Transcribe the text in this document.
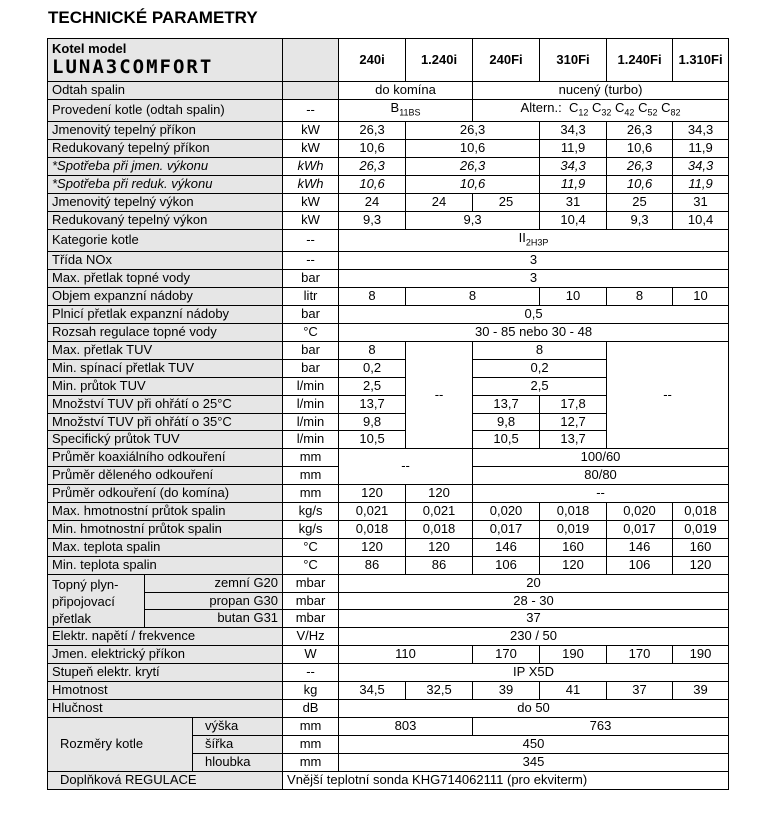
TECHNICKÉ PARAMETRY
Kotel model
LUNA3COMFORT				240i	1.240i	240Fi	310Fi	1.240Fi	1.310Fi
Odtah spalin				do komína		nucený (turbo)			
Provedení kotle (odtah spalin)			--	$B_{11BS}$		Altern.: $C_{12}$ $C_{32}$ $C_{42}$ $C_{52}$ $C_{82}$
Jmenovitý tepelný příkon			kW	26,3	26,3		34,3	26,3	34,3
Redukovaný tepelný příkon			kW	10,6	10,6		11,9	10,6	11,9
*Spotřeba při jmen. výkonu			kWh	26,3	26,3		34,3	26,3	34,3
*Spotřeba při reduk. výkonu			kWh	10,6	10,6		11,9	10,6	11,9
Jmenovitý tepelný výkon			kW	24	24	25	31	25	31
Redukovaný tepelný výkon			kW	9,3	9,3		10,4	9,3	10,4
Kategorie kotle			--	$II_{2H3P}$
Třída NOx			--	3					
Max. přetlak topné vody			bar	3					
Objem expanzní nádoby			litr	8	8		10	8	10
Plnicí přetlak expanzní nádoby			bar	0,5					
Rozsah regulace topné vody			°C	30 - 85 nebo 30 - 48					
Max. přetlak TUV			bar	8	--	8		--	
Min. spínací přetlak TUV			bar	0,2		0,2			
Min. průtok TUV			l/min	2,5		2,5			
Množství TUV při ohřátí o 25°C			l/min	13,7		13,7	17,8		
Množství TUV při ohřátí o 35°C			l/min	9,8		9,8	12,7		
Specifický průtok TUV			l/min	10,5		10,5	13,7		
Průměr koaxiálního odkouření			mm	--		100/60			
Průměr děleného odkouření			mm			80/80			
Průměr odkouření (do komína)			mm	120	120	--			
Max. hmotnostní průtok spalin			kg/s	0,021	0,021	0,020	0,018	0,020	0,018
Min. hmotnostní průtok spalin			kg/s	0,018	0,018	0,017	0,019	0,017	0,019
Max. teplota spalin			°C	120	120	146	160	146	160
Min. teplota spalin			°C	86	86	106	120	106	120
Topný plyn-
připojovací
přetlak	zemní G20		mbar	20					
	propan G30		mbar	28 - 30					
	butan G31		mbar	37					
Elektr. napětí / frekvence			V/Hz	230 / 50					
Jmen. elektrický příkon			W	110		170	190	170	190
Stupeň elektr. krytí			--	IP X5D					
Hmotnost			kg	34,5	32,5	39	41	37	39
Hlučnost			dB	do 50					
Rozměry kotle		výška	mm	803		763			
		šířka	mm	450					
		hloubka	mm	345					
Doplňková REGULACE			Vnější teplotní sonda KHG714062111 (pro ekviterm)						
